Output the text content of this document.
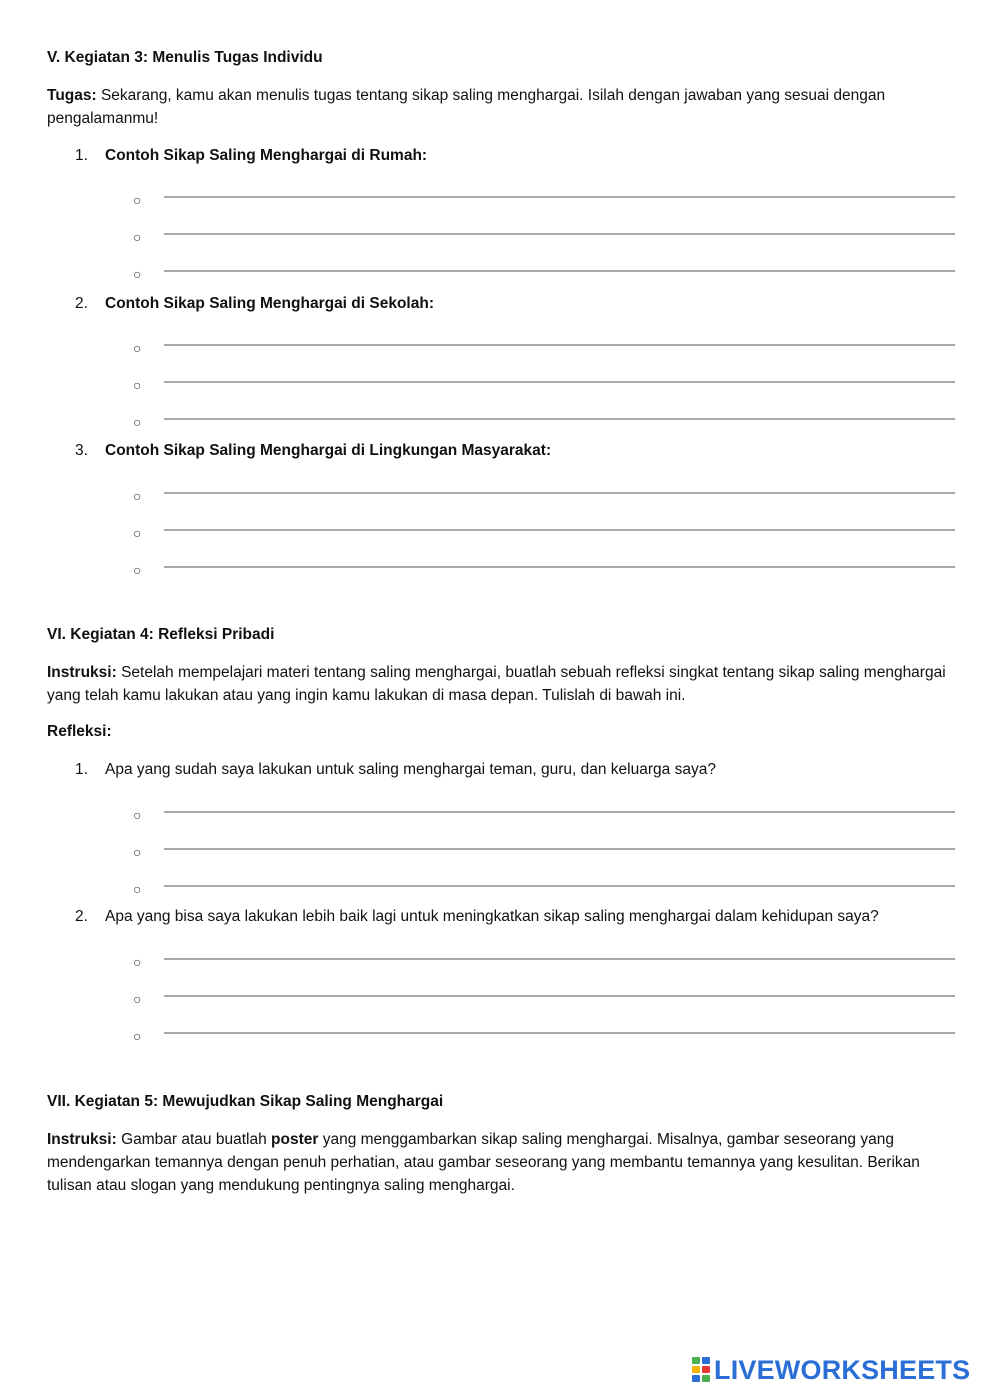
V. Kegiatan 3: Menulis Tugas Individu
Tugas: Sekarang, kamu akan menulis tugas tentang sikap saling menghargai. Isilah dengan jawaban yang sesuai dengan pengalamanmu!
1. Contoh Sikap Saling Menghargai di Rumah:
○
○
○
2. Contoh Sikap Saling Menghargai di Sekolah:
○
○
○
3. Contoh Sikap Saling Menghargai di Lingkungan Masyarakat:
○
○
○
VI. Kegiatan 4: Refleksi Pribadi
Instruksi: Setelah mempelajari materi tentang saling menghargai, buatlah sebuah refleksi singkat tentang sikap saling menghargai yang telah kamu lakukan atau yang ingin kamu lakukan di masa depan. Tulislah di bawah ini.
Refleksi:
1. Apa yang sudah saya lakukan untuk saling menghargai teman, guru, dan keluarga saya?
○
○
○
2. Apa yang bisa saya lakukan lebih baik lagi untuk meningkatkan sikap saling menghargai dalam kehidupan saya?
○
○
○
VII. Kegiatan 5: Mewujudkan Sikap Saling Menghargai
Instruksi: Gambar atau buatlah poster yang menggambarkan sikap saling menghargai. Misalnya, gambar seseorang yang mendengarkan temannya dengan penuh perhatian, atau gambar seseorang yang membantu temannya yang kesulitan. Berikan tulisan atau slogan yang mendukung pentingnya saling menghargai.
LIVEWORKSHEETS
